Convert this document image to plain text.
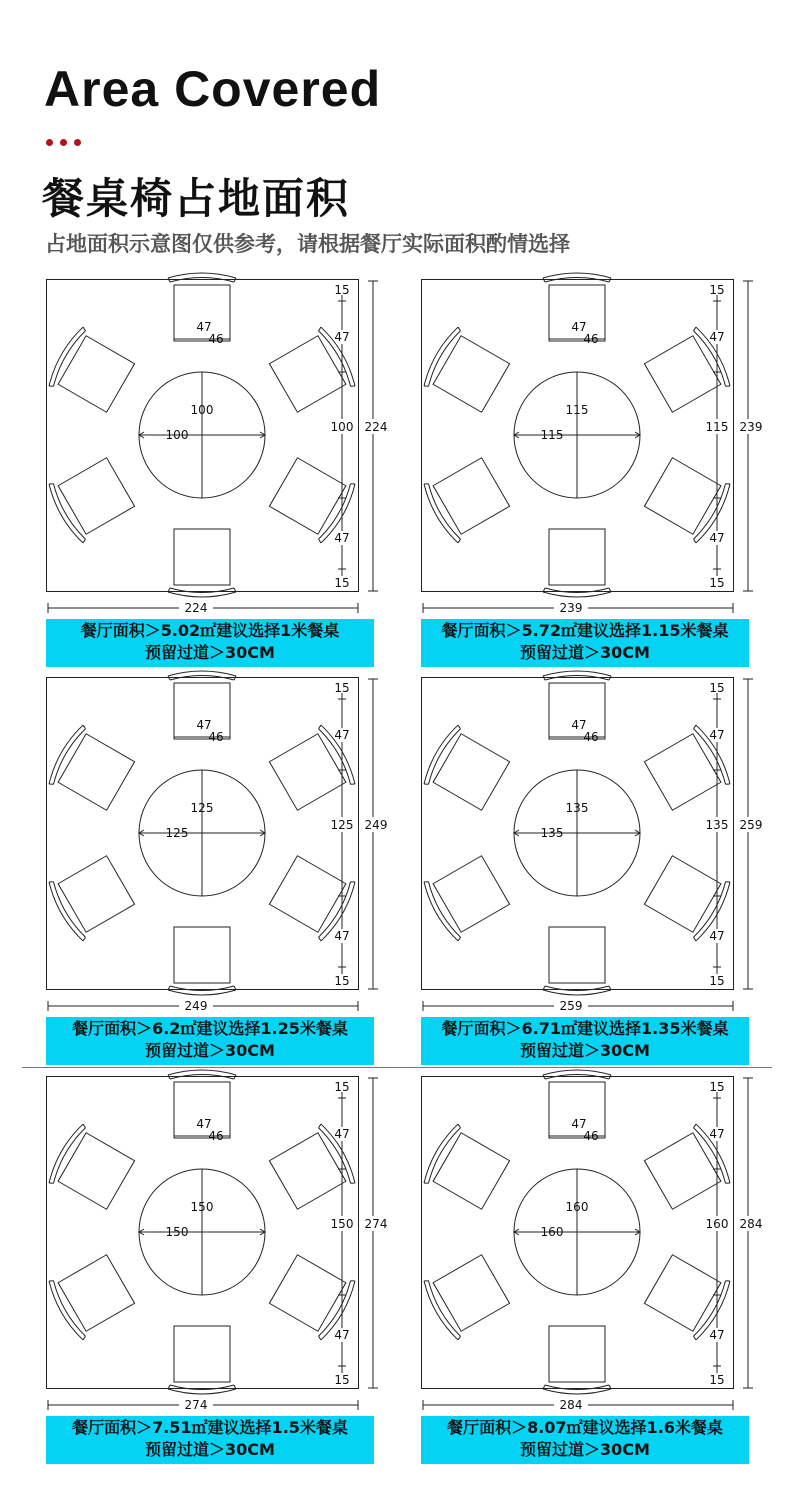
Area Covered
餐桌椅占地面积
占地面积示意图仅供参考，请根据餐厅实际面积酌情选择
47
46
100
100
15
47
100
47
15
224
224
餐厅面积＞5.02㎡建议选择1米餐桌
预留过道＞30CM
47
46
115
115
15
47
115
47
15
239
239
餐厅面积＞5.72㎡建议选择1.15米餐桌
预留过道＞30CM
47
46
125
125
15
47
125
47
15
249
249
餐厅面积＞6.2㎡建议选择1.25米餐桌
预留过道＞30CM
47
46
135
135
15
47
135
47
15
259
259
餐厅面积＞6.71㎡建议选择1.35米餐桌
预留过道＞30CM
47
46
150
150
15
47
150
47
15
274
274
餐厅面积＞7.51㎡建议选择1.5米餐桌
预留过道＞30CM
47
46
160
160
15
47
160
47
15
284
284
餐厅面积＞8.07㎡建议选择1.6米餐桌
预留过道＞30CM
